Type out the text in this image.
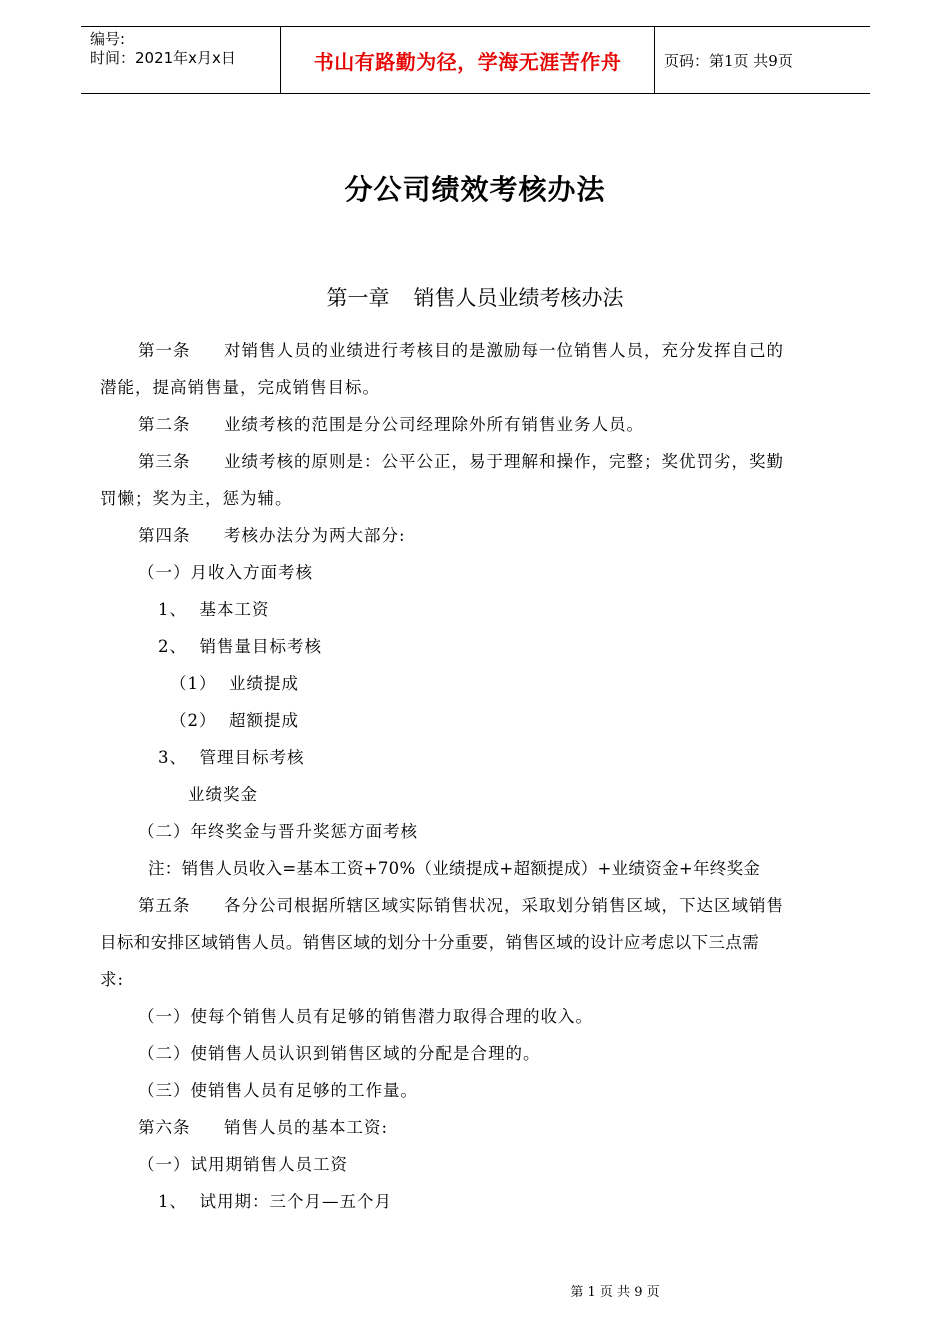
编号:
时间：2021年x月x日	书山有路勤为径，学海无涯苦作舟	页码：第1页 共9页
分公司绩效考核办法
第一章 销售人员业绩考核办法
第一条 对销售人员的业绩进行考核目的是激励每一位销售人员，充分发挥自己的
潜能，提高销售量，完成销售目标。
第二条 业绩考核的范围是分公司经理除外所有销售业务人员。
第三条 业绩考核的原则是：公平公正，易于理解和操作，完整；奖优罚劣，奖勤
罚懒；奖为主，惩为辅。
第四条 考核办法分为两大部分:
（一）月收入方面考核
1、  基本工资
2、  销售量目标考核
（1）  业绩提成
（2）  超额提成
3、  管理目标考核
业绩奖金
（二）年终奖金与晋升奖惩方面考核
注：销售人员收入=基本工资+70%（业绩提成+超额提成）+业绩资金+年终奖金
第五条 各分公司根据所辖区域实际销售状况，采取划分销售区域，下达区域销售
目标和安排区域销售人员。销售区域的划分十分重要，销售区域的设计应考虑以下三点需
求:
（一）使每个销售人员有足够的销售潜力取得合理的收入。
（二）使销售人员认识到销售区域的分配是合理的。
（三）使销售人员有足够的工作量。
第六条 销售人员的基本工资:
（一）试用期销售人员工资
1、  试用期：三个月—五个月
第 1 页 共 9 页
